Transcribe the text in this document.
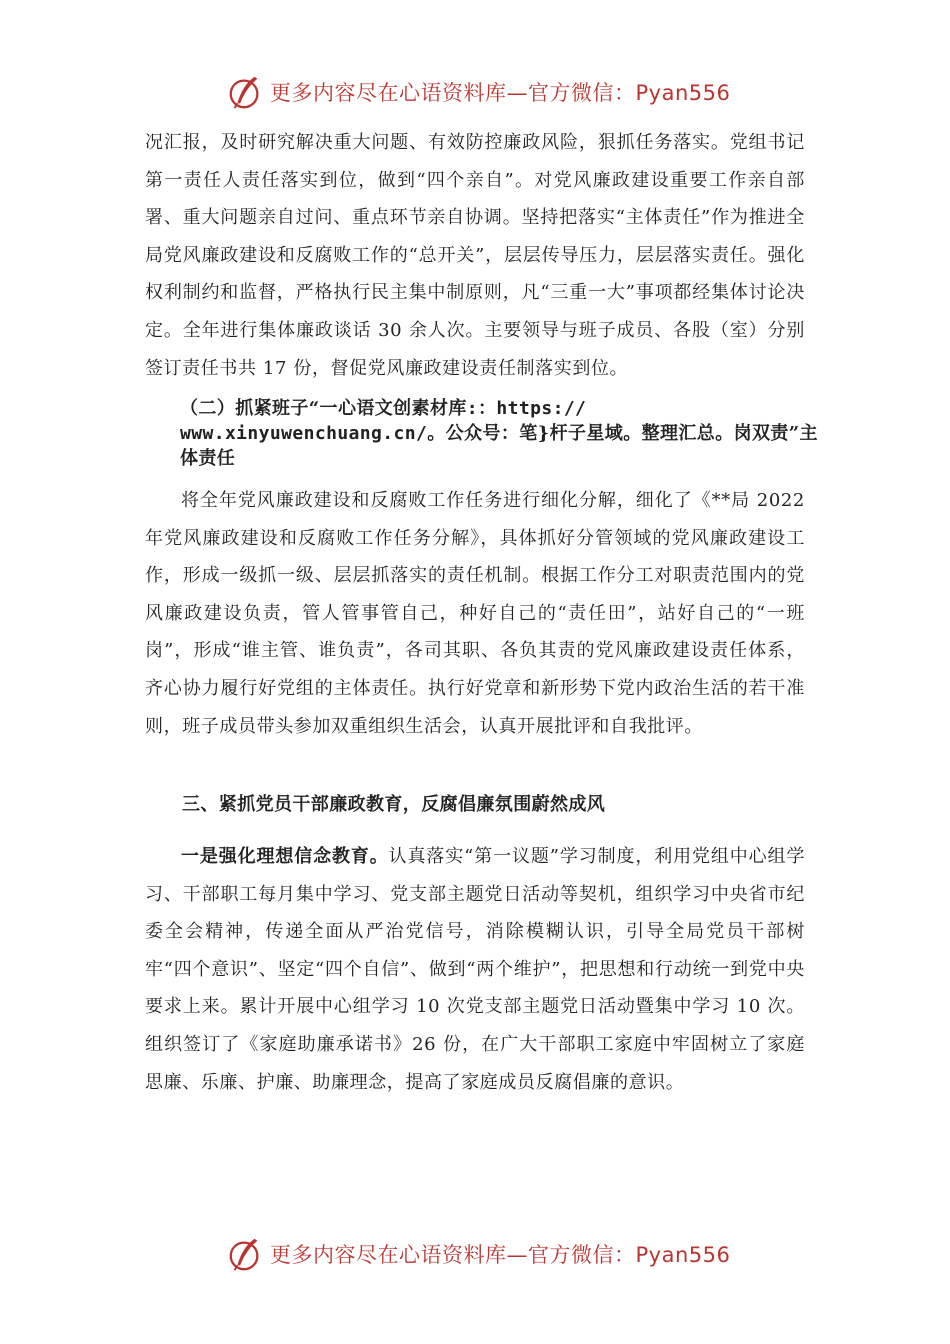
更多内容尽在心语资料库—官方微信：Pyan556

况汇报，及时研究解决重大问题、有效防控廉政风险，狠抓任务落实。党组书记第一责任人责任落实到位，做到“四个亲自”。对党风廉政建设重要工作亲自部署、重大问题亲自过问、重点环节亲自协调。坚持把落实“主体责任”作为推进全局党风廉政建设和反腐败工作的“总开关”，层层传导压力，层层落实责任。强化权利制约和监督，严格执行民主集中制原则，凡“三重一大”事项都经集体讨论决定。全年进行集体廉政谈话 30 余人次。主要领导与班子成员、各股（室）分别签订责任书共 17 份，督促党风廉政建设责任制落实到位。

（二）抓紧班子“一心语文创素材库:：https://
www.xinyuwenchuang.cn/。公众号：笔}杆子星域。整理汇总。岗双责”主体责任

将全年党风廉政建设和反腐败工作任务进行细化分解，细化了《**局 2022 年党风廉政建设和反腐败工作任务分解》，具体抓好分管领域的党风廉政建设工作，形成一级抓一级、层层抓落实的责任机制。根据工作分工对职责范围内的党风廉政建设负责，管人管事管自己，种好自己的“责任田”，站好自己的“一班岗”，形成“谁主管、谁负责”，各司其职、各负其责的党风廉政建设责任体系，齐心协力履行好党组的主体责任。执行好党章和新形势下党内政治生活的若干准则，班子成员带头参加双重组织生活会，认真开展批评和自我批评。

三、紧抓党员干部廉政教育，反腐倡廉氛围蔚然成风

一是强化理想信念教育。认真落实“第一议题”学习制度，利用党组中心组学习、干部职工每月集中学习、党支部主题党日活动等契机，组织学习中央省市纪委全会精神，传递全面从严治党信号，消除模糊认识，引导全局党员干部树牢“四个意识”、坚定“四个自信”、做到“两个维护”，把思想和行动统一到党中央要求上来。累计开展中心组学习 10 次党支部主题党日活动暨集中学习 10 次。组织签订了《家庭助廉承诺书》26 份，在广大干部职工家庭中牢固树立了家庭思廉、乐廉、护廉、助廉理念，提高了家庭成员反腐倡廉的意识。

更多内容尽在心语资料库—官方微信：Pyan556
